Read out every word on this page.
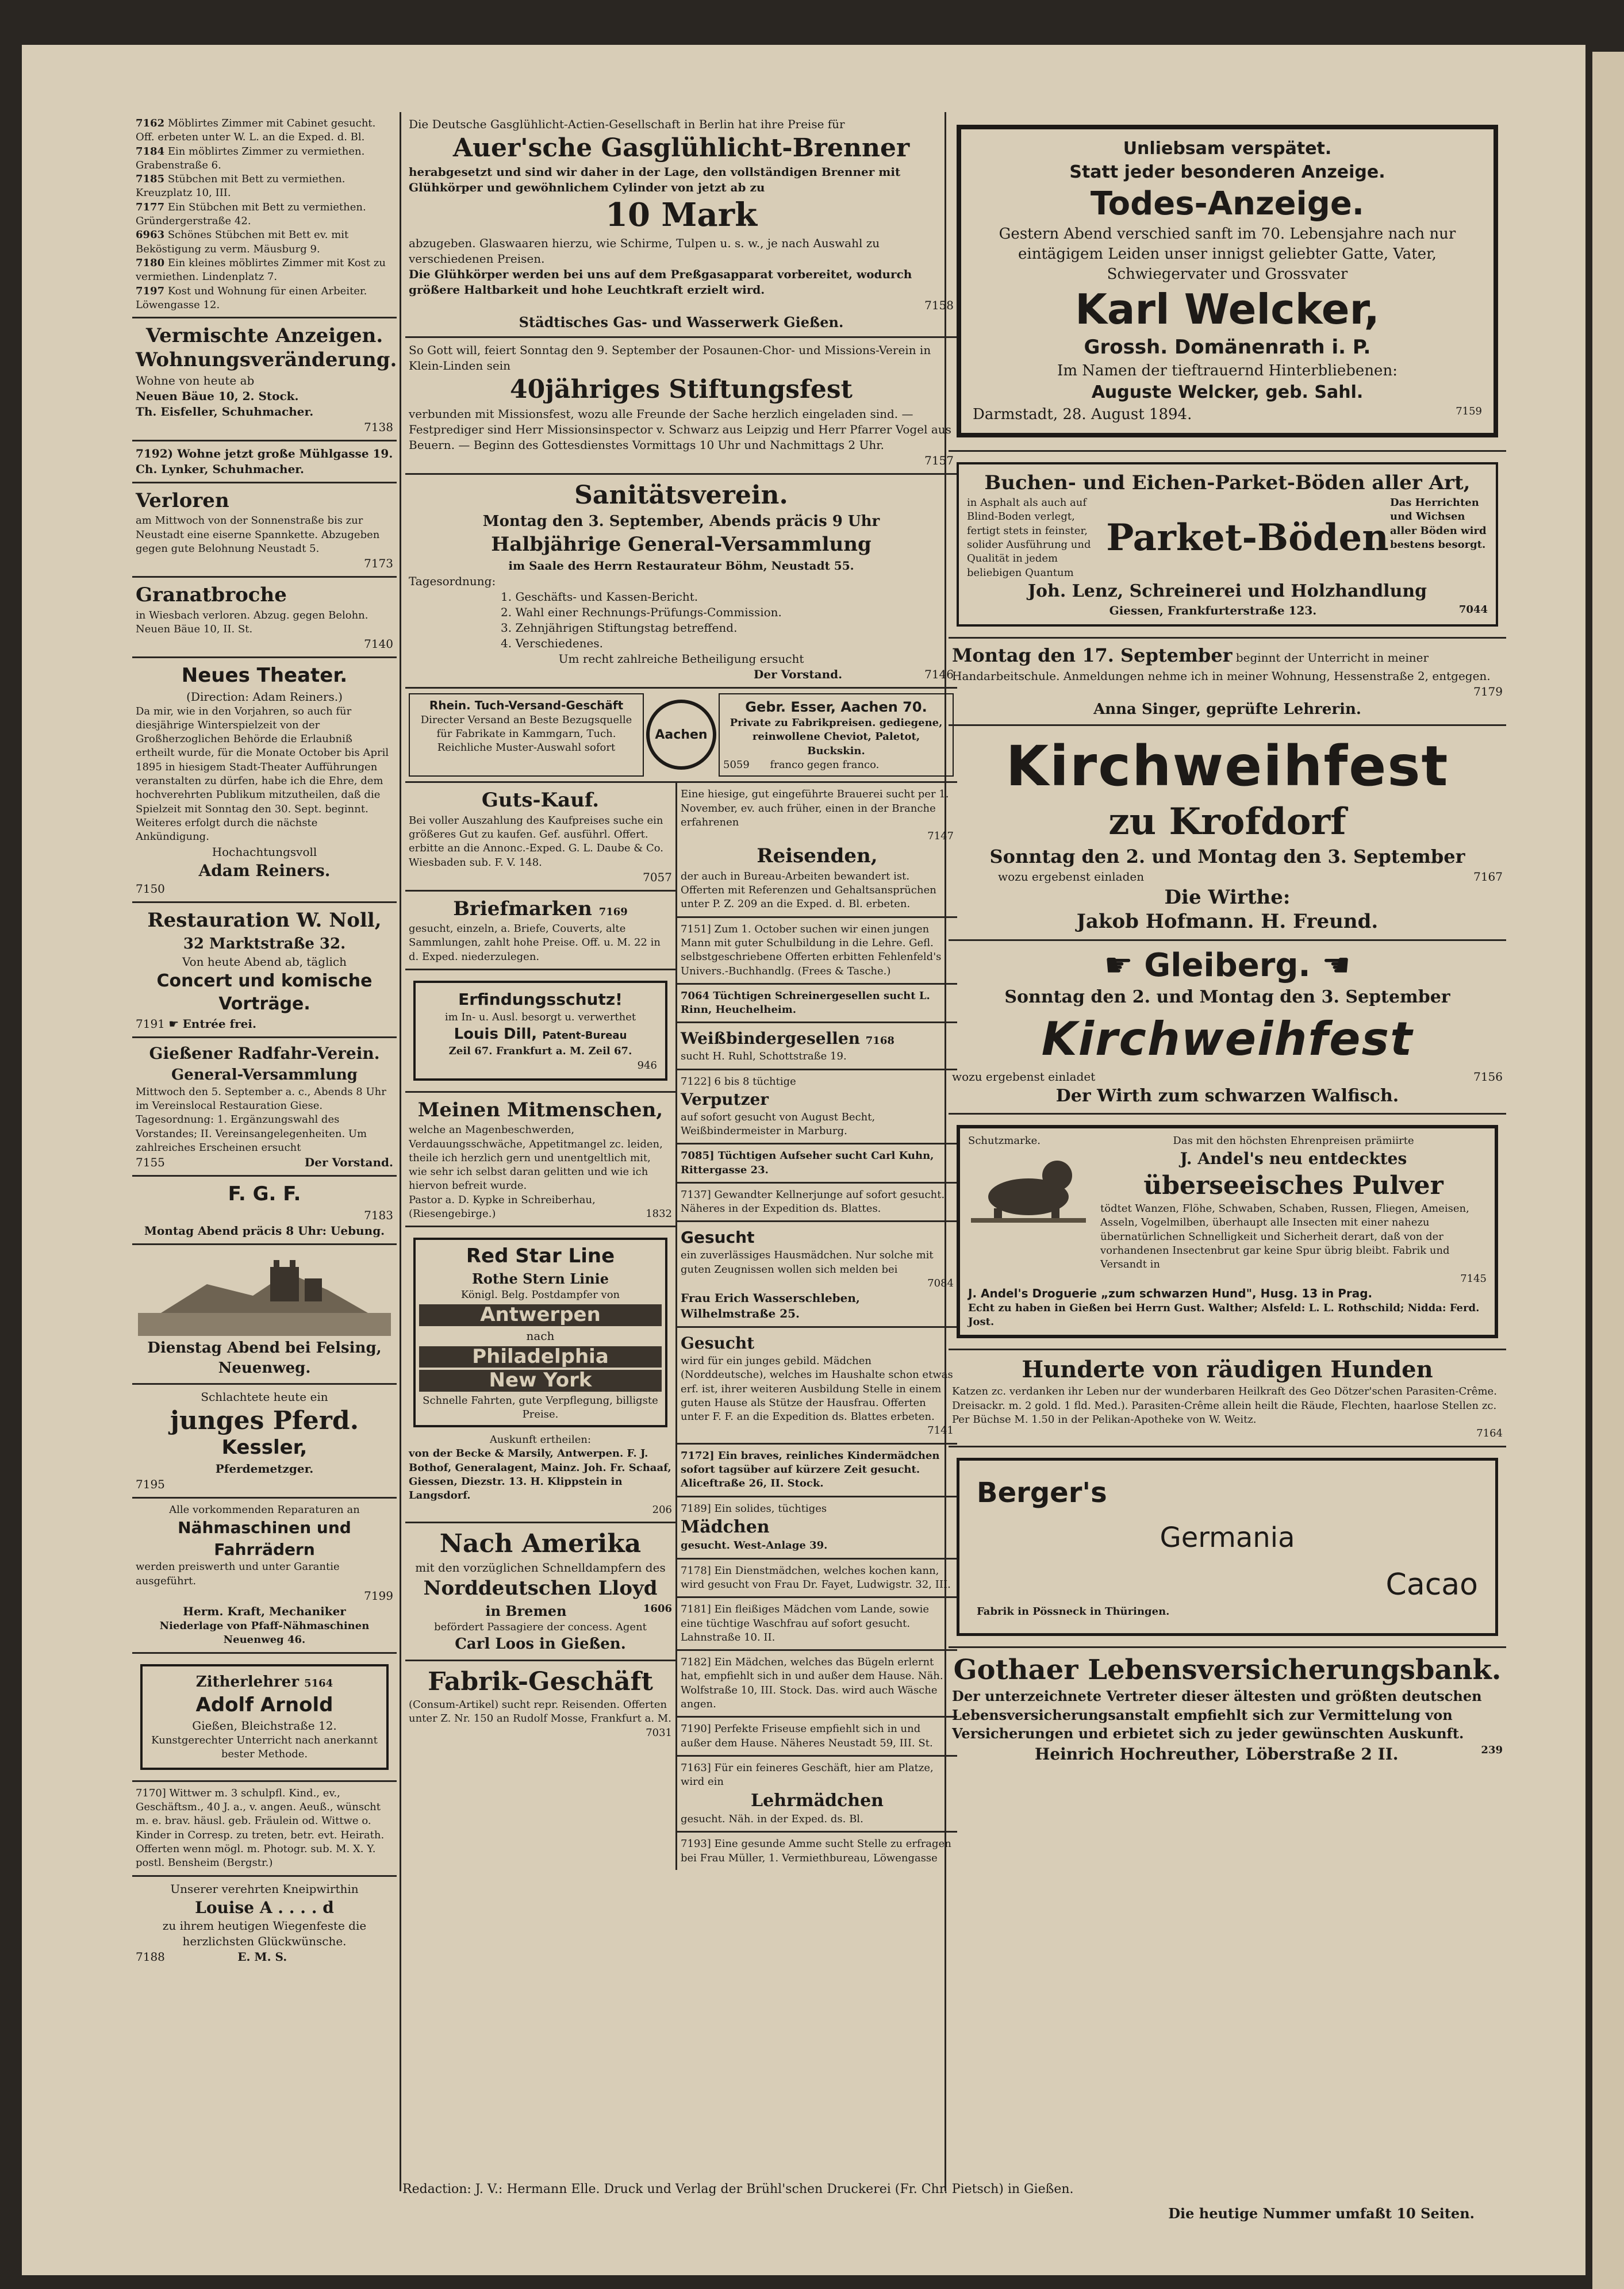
7162 Möblirtes Zimmer mit Cabinet gesucht. Off. erbeten unter W. L. an die Exped. d. Bl.

7184 Ein möblirtes Zimmer zu vermiethen. Grabenstraße 6.

7185 Stübchen mit Bett zu vermiethen. Kreuzplatz 10, III.

7177 Ein Stübchen mit Bett zu vermiethen. Gründergerstraße 42.

6963 Schönes Stübchen mit Bett ev. mit Beköstigung zu verm. Mäusburg 9.

7180 Ein kleines möblirtes Zimmer mit Kost zu vermiethen. Lindenplatz 7.

7197 Kost und Wohnung für einen Arbeiter. Löwengasse 12.

Vermischte Anzeigen.

Wohnungsveränderung.

Wohne von heute ab

Neuen Bäue 10, 2. Stock.

Th. Eisfeller, Schuhmacher.

7138

7192) Wohne jetzt große Mühlgasse 19. Ch. Lynker, Schuhmacher.

Verloren

am Mittwoch von der Sonnenstraße bis zur Neustadt eine eiserne Spannkette. Abzugeben gegen gute Belohnung Neustadt 5.

7173

Granatbroche

in Wiesbach verloren. Abzug. gegen Belohn. Neuen Bäue 10, II. St.

7140

Neues Theater.

(Direction: Adam Reiners.)

Da mir, wie in den Vorjahren, so auch für diesjährige Winterspielzeit von der Großherzoglichen Behörde die Erlaubniß ertheilt wurde, für die Monate October bis April 1895 in hiesigem Stadt-Theater Aufführungen veranstalten zu dürfen, habe ich die Ehre, dem hochverehrten Publikum mitzutheilen, daß die Spielzeit mit Sonntag den 30. Sept. beginnt. Weiteres erfolgt durch die nächste Ankündigung.

Hochachtungsvoll

Adam Reiners.

7150

Restauration W. Noll,

32 Marktstraße 32.

Von heute Abend ab, täglich

Concert und komische Vorträge.

7191 ☛ Entrée frei.

Gießener Radfahr-Verein.

General-Versammlung

Mittwoch den 5. September a. c., Abends 8 Uhr im Vereinslocal Restauration Giese. Tagesordnung: 1. Ergänzungswahl des Vorstandes; II. Vereinsangelegenheiten. Um zahlreiches Erscheinen ersucht

7155	Der Vorstand.

F. G. F.

7183

Montag Abend präcis 8 Uhr: Uebung.

Dienstag Abend bei Felsing, Neuenweg.

Schlachtete heute ein

junges Pferd.

Kessler,

Pferdemetzger.

7195

Alle vorkommenden Reparaturen an

Nähmaschinen und Fahrrädern

werden preiswerth und unter Garantie ausgeführt.

7199

Herm. Kraft, Mechaniker

Niederlage von Pfaff-Nähmaschinen Neuenweg 46.

Zitherlehrer 5164

Adolf Arnold

Gießen, Bleichstraße 12.

Kunstgerechter Unterricht nach anerkannt bester Methode.

7170] Wittwer m. 3 schulpfl. Kind., ev., Geschäftsm., 40 J. a., v. angen. Aeuß., wünscht m. e. brav. häusl. geb. Fräulein od. Wittwe o. Kinder in Corresp. zu treten, betr. evt. Heirath. Offerten wenn mögl. m. Photogr. sub. M. X. Y. postl. Bensheim (Bergstr.)

Unserer verehrten Kneipwirthin

Louise A . . . . d

zu ihrem heutigen Wiegenfeste die herzlichsten Glückwünsche.

7188	E. M. S.

Die Deutsche Gasglühlicht-Actien-Gesellschaft in Berlin hat ihre Preise für

Auer'sche Gasglühlicht-Brenner

herabgesetzt und sind wir daher in der Lage, den vollständigen Brenner mit Glühkörper und gewöhnlichem Cylinder von jetzt ab zu

10 Mark

abzugeben. Glaswaaren hierzu, wie Schirme, Tulpen u. s. w., je nach Auswahl zu verschiedenen Preisen.

Die Glühkörper werden bei uns auf dem Preßgasapparat vorbereitet, wodurch größere Haltbarkeit und hohe Leuchtkraft erzielt wird.

7158

Städtisches Gas- und Wasserwerk Gießen.

So Gott will, feiert Sonntag den 9. September der Posaunen-Chor- und Missions-Verein in Klein-Linden sein

40jähriges Stiftungsfest

verbunden mit Missionsfest, wozu alle Freunde der Sache herzlich eingeladen sind. — Festprediger sind Herr Missionsinspector v. Schwarz aus Leipzig und Herr Pfarrer Vogel aus Beuern. — Beginn des Gottesdienstes Vormittags 10 Uhr und Nachmittags 2 Uhr.

7157

Sanitätsverein.

Montag den 3. September, Abends präcis 9 Uhr

Halbjährige General-Versammlung

im Saale des Herrn Restaurateur Böhm, Neustadt 55.

Tagesordnung:

1. Geschäfts- und Kassen-Bericht.

2. Wahl einer Rechnungs-Prüfungs-Commission.

3. Zehnjährigen Stiftungstag betreffend.

4. Verschiedenes.

Um recht zahlreiche Betheiligung ersucht

Der Vorstand.	7146

Rhein. Tuch-Versand-Geschäft

Directer Versand an Beste Bezugsquelle für Fabrikate in Kammgarn, Tuch. Reichliche Muster-Auswahl sofort

Aachen

Gebr. Esser, Aachen 70.

Private zu Fabrikpreisen. gediegene, reinwollene Cheviot, Paletot, Buckskin.

5059 franco gegen franco.

Guts-Kauf.

Bei voller Auszahlung des Kaufpreises suche ein größeres Gut zu kaufen. Gef. ausführl. Offert. erbitte an die Annonc.-Exped. G. L. Daube & Co. Wiesbaden sub. F. V. 148.

7057

Briefmarken 7169

gesucht, einzeln, a. Briefe, Couverts, alte Sammlungen, zahlt hohe Preise. Off. u. M. 22 in d. Exped. niederzulegen.

Erfindungsschutz!

im In- u. Ausl. besorgt u. verwerthet

Louis Dill, Patent-Bureau

Zeil 67. Frankfurt a. M. Zeil 67.

946

Meinen Mitmenschen,

welche an Magenbeschwerden, Verdauungsschwäche, Appetitmangel zc. leiden, theile ich herzlich gern und unentgeltlich mit, wie sehr ich selbst daran gelitten und wie ich hiervon befreit wurde.

Pastor a. D. Kypke in Schreiberhau, (Riesengebirge.)	1832

Red Star Line

Rothe Stern Linie

Königl. Belg. Postdampfer von

Antwerpen

nach

Philadelphia

New York

Schnelle Fahrten, gute Verpflegung, billigste Preise.

Auskunft ertheilen:

von der Becke & Marsily, Antwerpen. F. J. Bothof, Generalagent, Mainz. Joh. Fr. Schaaf, Giessen, Diezstr. 13. H. Klippstein in Langsdorf.

206

Nach Amerika

mit den vorzüglichen Schnelldampfern des

Norddeutschen Lloyd

in Bremen	1606

befördert Passagiere der concess. Agent

Carl Loos in Gießen.

Fabrik-Geschäft

(Consum-Artikel) sucht repr. Reisenden. Offerten unter Z. Nr. 150 an Rudolf Mosse, Frankfurt a. M.

7031

Eine hiesige, gut eingeführte Brauerei sucht per 1. November, ev. auch früher, einen in der Branche erfahrenen

7147

Reisenden,

der auch in Bureau-Arbeiten bewandert ist. Offerten mit Referenzen und Gehaltsansprüchen unter P. Z. 209 an die Exped. d. Bl. erbeten.

7151] Zum 1. October suchen wir einen jungen Mann mit guter Schulbildung in die Lehre. Gefl. selbstgeschriebene Offerten erbitten Fehlenfeld's Univers.-Buchhandlg. (Frees & Tasche.)

7064 Tüchtigen Schreinergesellen sucht L. Rinn, Heuchelheim.

Weißbindergesellen 7168

sucht H. Ruhl, Schottstraße 19.

7122] 6 bis 8 tüchtige

Verputzer

auf sofort gesucht von August Becht, Weißbindermeister in Marburg.

7085] Tüchtigen Aufseher sucht Carl Kuhn, Rittergasse 23.

7137] Gewandter Kellnerjunge auf sofort gesucht. Näheres in der Expedition ds. Blattes.

Gesucht

ein zuverlässiges Hausmädchen. Nur solche mit guten Zeugnissen wollen sich melden bei

7084

Frau Erich Wasserschleben, Wilhelmstraße 25.

Gesucht

wird für ein junges gebild. Mädchen (Norddeutsche), welches im Haushalte schon etwas erf. ist, ihrer weiteren Ausbildung Stelle in einem guten Hause als Stütze der Hausfrau. Offerten unter F. F. an die Expedition ds. Blattes erbeten.

7141

7172] Ein braves, reinliches Kindermädchen sofort tagsüber auf kürzere Zeit gesucht. Aliceftraße 26, II. Stock.

7189] Ein solides, tüchtiges

Mädchen

gesucht. West-Anlage 39.

7178] Ein Dienstmädchen, welches kochen kann, wird gesucht von Frau Dr. Fayet, Ludwigstr. 32, III.

7181] Ein fleißiges Mädchen vom Lande, sowie eine tüchtige Waschfrau auf sofort gesucht. Lahnstraße 10. II.

7182] Ein Mädchen, welches das Bügeln erlernt hat, empfiehlt sich in und außer dem Hause. Näh. Wolfstraße 10, III. Stock. Das. wird auch Wäsche angen.

7190] Perfekte Friseuse empfiehlt sich in und außer dem Hause. Näheres Neustadt 59, III. St.

7163] Für ein feineres Geschäft, hier am Platze, wird ein

Lehrmädchen

gesucht. Näh. in der Exped. ds. Bl.

7193] Eine gesunde Amme sucht Stelle zu erfragen bei Frau Müller, 1. Vermiethbureau, Löwengasse

Unliebsam verspätet.

Statt jeder besonderen Anzeige.

Todes-Anzeige.

Gestern Abend verschied sanft im 70. Lebensjahre nach nur eintägigem Leiden unser innigst geliebter Gatte, Vater, Schwiegervater und Grossvater

Karl Welcker,

Grossh. Domänenrath i. P.

Im Namen der tieftrauernd Hinterbliebenen:

Auguste Welcker, geb. Sahl.

Darmstadt, 28. August 1894.	7159

Buchen- und Eichen-Parket-Böden aller Art,

in Asphalt als auch auf Blind-Boden verlegt, fertigt stets in feinster, solider Ausführung und Qualität in jedem beliebigen Quantum

Parket-Böden

Das Herrichten und Wichsen aller Böden wird bestens besorgt.

Joh. Lenz, Schreinerei und Holzhandlung

Giessen, Frankfurterstraße 123.	7044

Montag den 17. September beginnt der Unterricht in meiner Handarbeitschule. Anmeldungen nehme ich in meiner Wohnung, Hessenstraße 2, entgegen.

7179

Anna Singer, geprüfte Lehrerin.

Kirchweihfest

zu Krofdorf

Sonntag den 2. und Montag den 3. September

wozu ergebenst einladen	7167

Die Wirthe:

Jakob Hofmann. H. Freund.

☛ Gleiberg. ☚

Sonntag den 2. und Montag den 3. September

Kirchweihfest

wozu ergebenst einladet	7156

Der Wirth zum schwarzen Walfisch.

Schutzmarke.	Das mit den höchsten Ehrenpreisen prämiirte

J. Andel's neu entdecktes

überseeisches Pulver

tödtet Wanzen, Flöhe, Schwaben, Schaben, Russen, Fliegen, Ameisen, Asseln, Vogelmilben, überhaupt alle Insecten mit einer nahezu übernatürlichen Schnelligkeit und Sicherheit derart, daß von der vorhandenen Insectenbrut gar keine Spur übrig bleibt. Fabrik und Versandt in

7145

J. Andel's Droguerie „zum schwarzen Hund", Husg. 13 in Prag.

Echt zu haben in Gießen bei Herrn Gust. Walther; Alsfeld: L. L. Rothschild; Nidda: Ferd. Jost.

Hunderte von räudigen Hunden

Katzen zc. verdanken ihr Leben nur der wunderbaren Heilkraft des Geo Dötzer'schen Parasiten-Crême. Dreisackr. m. 2 gold. 1 fld. Med.). Parasiten-Crême allein heilt die Räude, Flechten, haarlose Stellen zc. Per Büchse M. 1.50 in der Pelikan-Apotheke von W. Weitz.

7164

Berger's

Germania

Cacao

Fabrik in Pössneck in Thüringen.

Gothaer Lebensversicherungsbank.

Der unterzeichnete Vertreter dieser ältesten und größten deutschen Lebensversicherungsanstalt empfiehlt sich zur Vermittelung von Versicherungen und erbietet sich zu jeder gewünschten Auskunft.

Heinrich Hochreuther, Löberstraße 2 II.	239

Redaction: J. V.: Hermann Elle. Druck und Verlag der Brühl'schen Druckerei (Fr. Chr. Pietsch) in Gießen.
Die heutige Nummer umfaßt 10 Seiten.
